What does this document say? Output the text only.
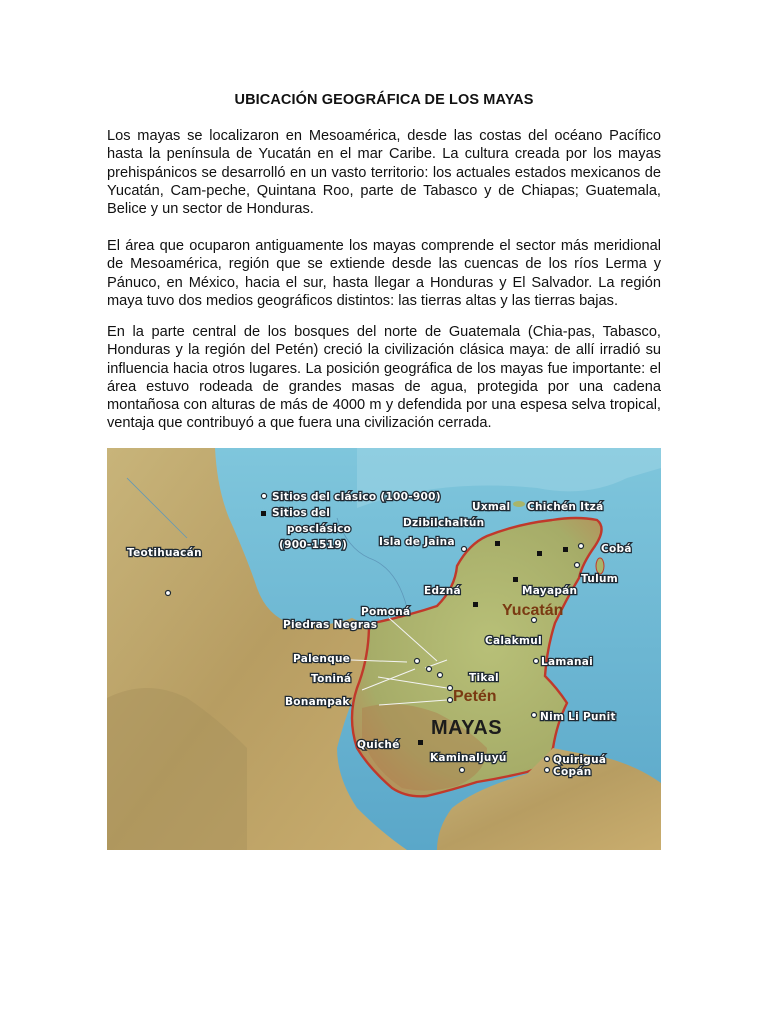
UBICACIÓN GEOGRÁFICA DE LOS MAYAS

Los mayas se localizaron en Mesoamérica, desde las costas del océano Pacífico hasta la península de Yucatán en el mar Caribe. La cultura creada por los mayas prehispánicos se desarrolló en un vasto territorio: los actuales estados mexicanos de Yucatán, Cam-peche, Quintana Roo, parte de Tabasco y de Chiapas; Guatemala, Belice y un sector de Honduras.

El área que ocuparon antiguamente los mayas comprende el sector más meridional de Mesoamérica, región que se extiende desde las cuencas de los ríos Lerma y Pánuco, en México, hacia el sur, hasta llegar a Honduras y El Salvador. La región maya tuvo dos medios geográficos distintos: las tierras altas y las tierras bajas.

En la parte central de los bosques del norte de Guatemala (Chia-pas, Tabasco, Honduras y la región del Petén) creció la civilización clásica maya: de allí irradió su influencia hacia otros lugares. La posición geográfica de los mayas fue importante: el área estuvo rodeada de grandes masas de agua, protegida por una cadena montañosa con alturas de más de 4000 m y defendida por una espesa selva tropical, ventaja que contribuyó a que fuera una civilización cerrada.

Sitios del clásico (100-900)
Sitios del
posclásico
(900-1519)
Teotihuacán
Uxmal Chichén Itzá
Dzibilchaltún
Isla de Jaina
Cobá
Tulum
Mayapán
Edzná
Pomoná
Piedras Negras
Calakmul
Palenque	Lamanai
Toniná	Tikal
Bonampak
Nim Li Punit
Quiché
Kaminaljuyú	Quiriguá
Copán
Yucatán
Petén
MAYAS
